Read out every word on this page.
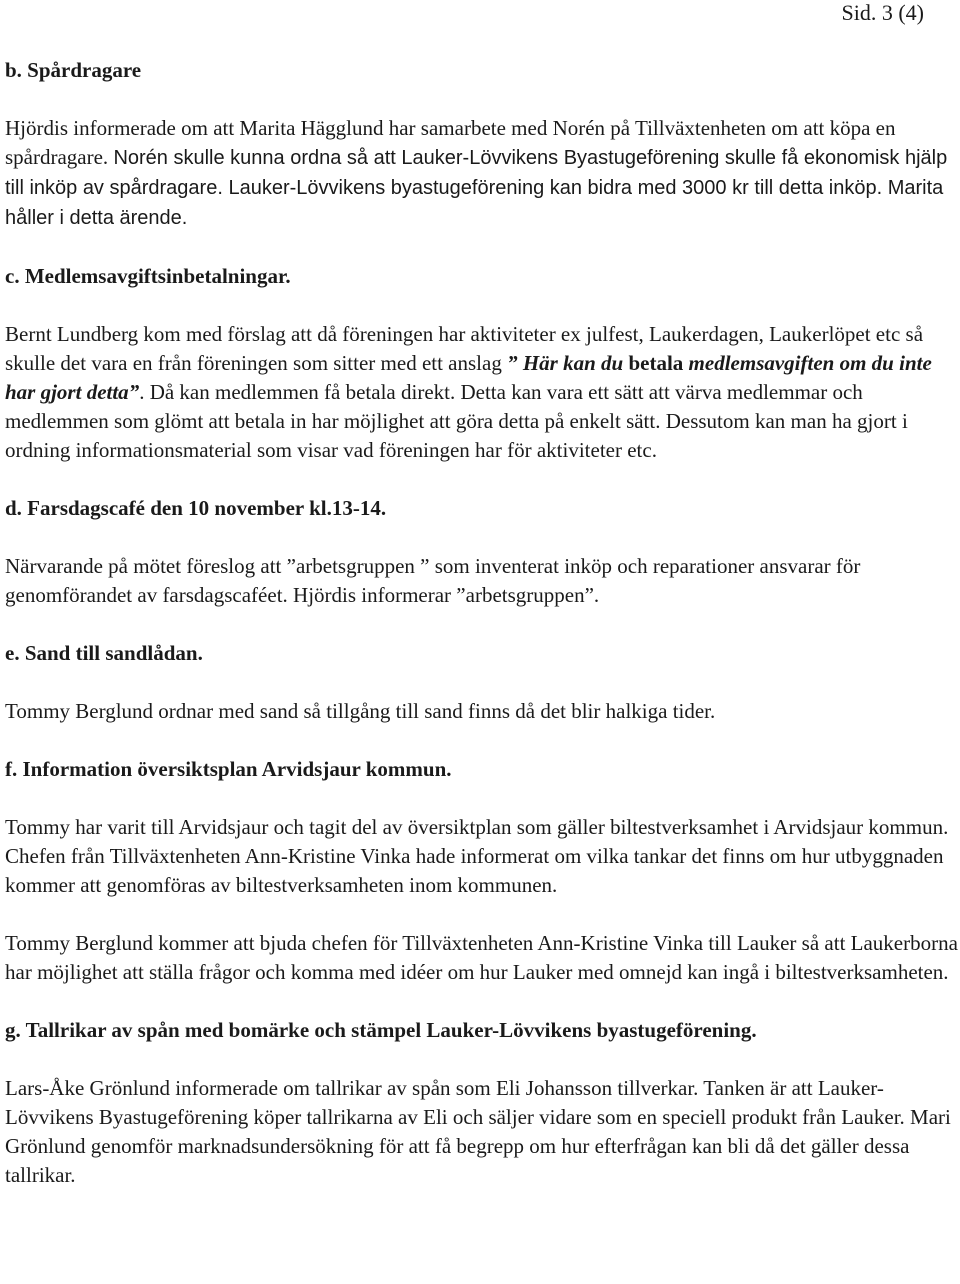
Sid. 3 (4)
b. Spårdragare
Hjördis informerade om att Marita Hägglund har samarbete med Norén på Tillväxtenheten om att köpa en spårdragare. Norén skulle kunna ordna så att Lauker-Lövvikens Byastugeförening skulle få ekonomisk hjälp till inköp av spårdragare. Lauker-Lövvikens byastugeförening kan bidra med 3000 kr till detta inköp. Marita håller i detta ärende.
c. Medlemsavgiftsinbetalningar.
Bernt Lundberg kom med förslag att då föreningen har aktiviteter ex julfest, Laukerdagen, Laukerlöpet etc så skulle det vara en från föreningen som sitter med ett anslag ” Här kan du betala medlemsavgiften om du inte har gjort detta”. Då kan medlemmen få betala direkt. Detta kan vara ett sätt att värva medlemmar och medlemmen som glömt att betala in har möjlighet att göra detta på enkelt sätt. Dessutom kan man ha gjort i ordning informationsmaterial som visar vad föreningen har för aktiviteter etc.
d. Farsdagscafé den 10 november kl.13-14.
Närvarande på mötet föreslog att ”arbetsgruppen ” som inventerat inköp och reparationer ansvarar för genomförandet av farsdagscaféet. Hjördis informerar ”arbetsgruppen”.
e. Sand till sandlådan.
Tommy Berglund ordnar med sand så tillgång till sand finns då det blir halkiga tider.
f. Information översiktsplan Arvidsjaur kommun.
Tommy har varit till Arvidsjaur och tagit del av översiktplan som gäller biltestverksamhet i Arvidsjaur kommun. Chefen från Tillväxtenheten Ann-Kristine Vinka hade informerat om vilka tankar det finns om hur utbyggnaden kommer att genomföras av biltestverksamheten inom kommunen.
Tommy Berglund kommer att bjuda chefen för Tillväxtenheten Ann-Kristine Vinka till Lauker så att Laukerborna har möjlighet att ställa frågor och komma med idéer om hur Lauker med omnejd kan ingå i biltestverksamheten.
g. Tallrikar av spån med bomärke och stämpel Lauker-Lövvikens byastugeförening.
Lars-Åke Grönlund informerade om tallrikar av spån som Eli Johansson tillverkar. Tanken är att Lauker-Lövvikens Byastugeförening köper tallrikarna av Eli och säljer vidare som en speciell produkt från Lauker. Mari Grönlund genomför marknadsundersökning för att få begrepp om hur efterfrågan kan bli då det gäller dessa tallrikar.
